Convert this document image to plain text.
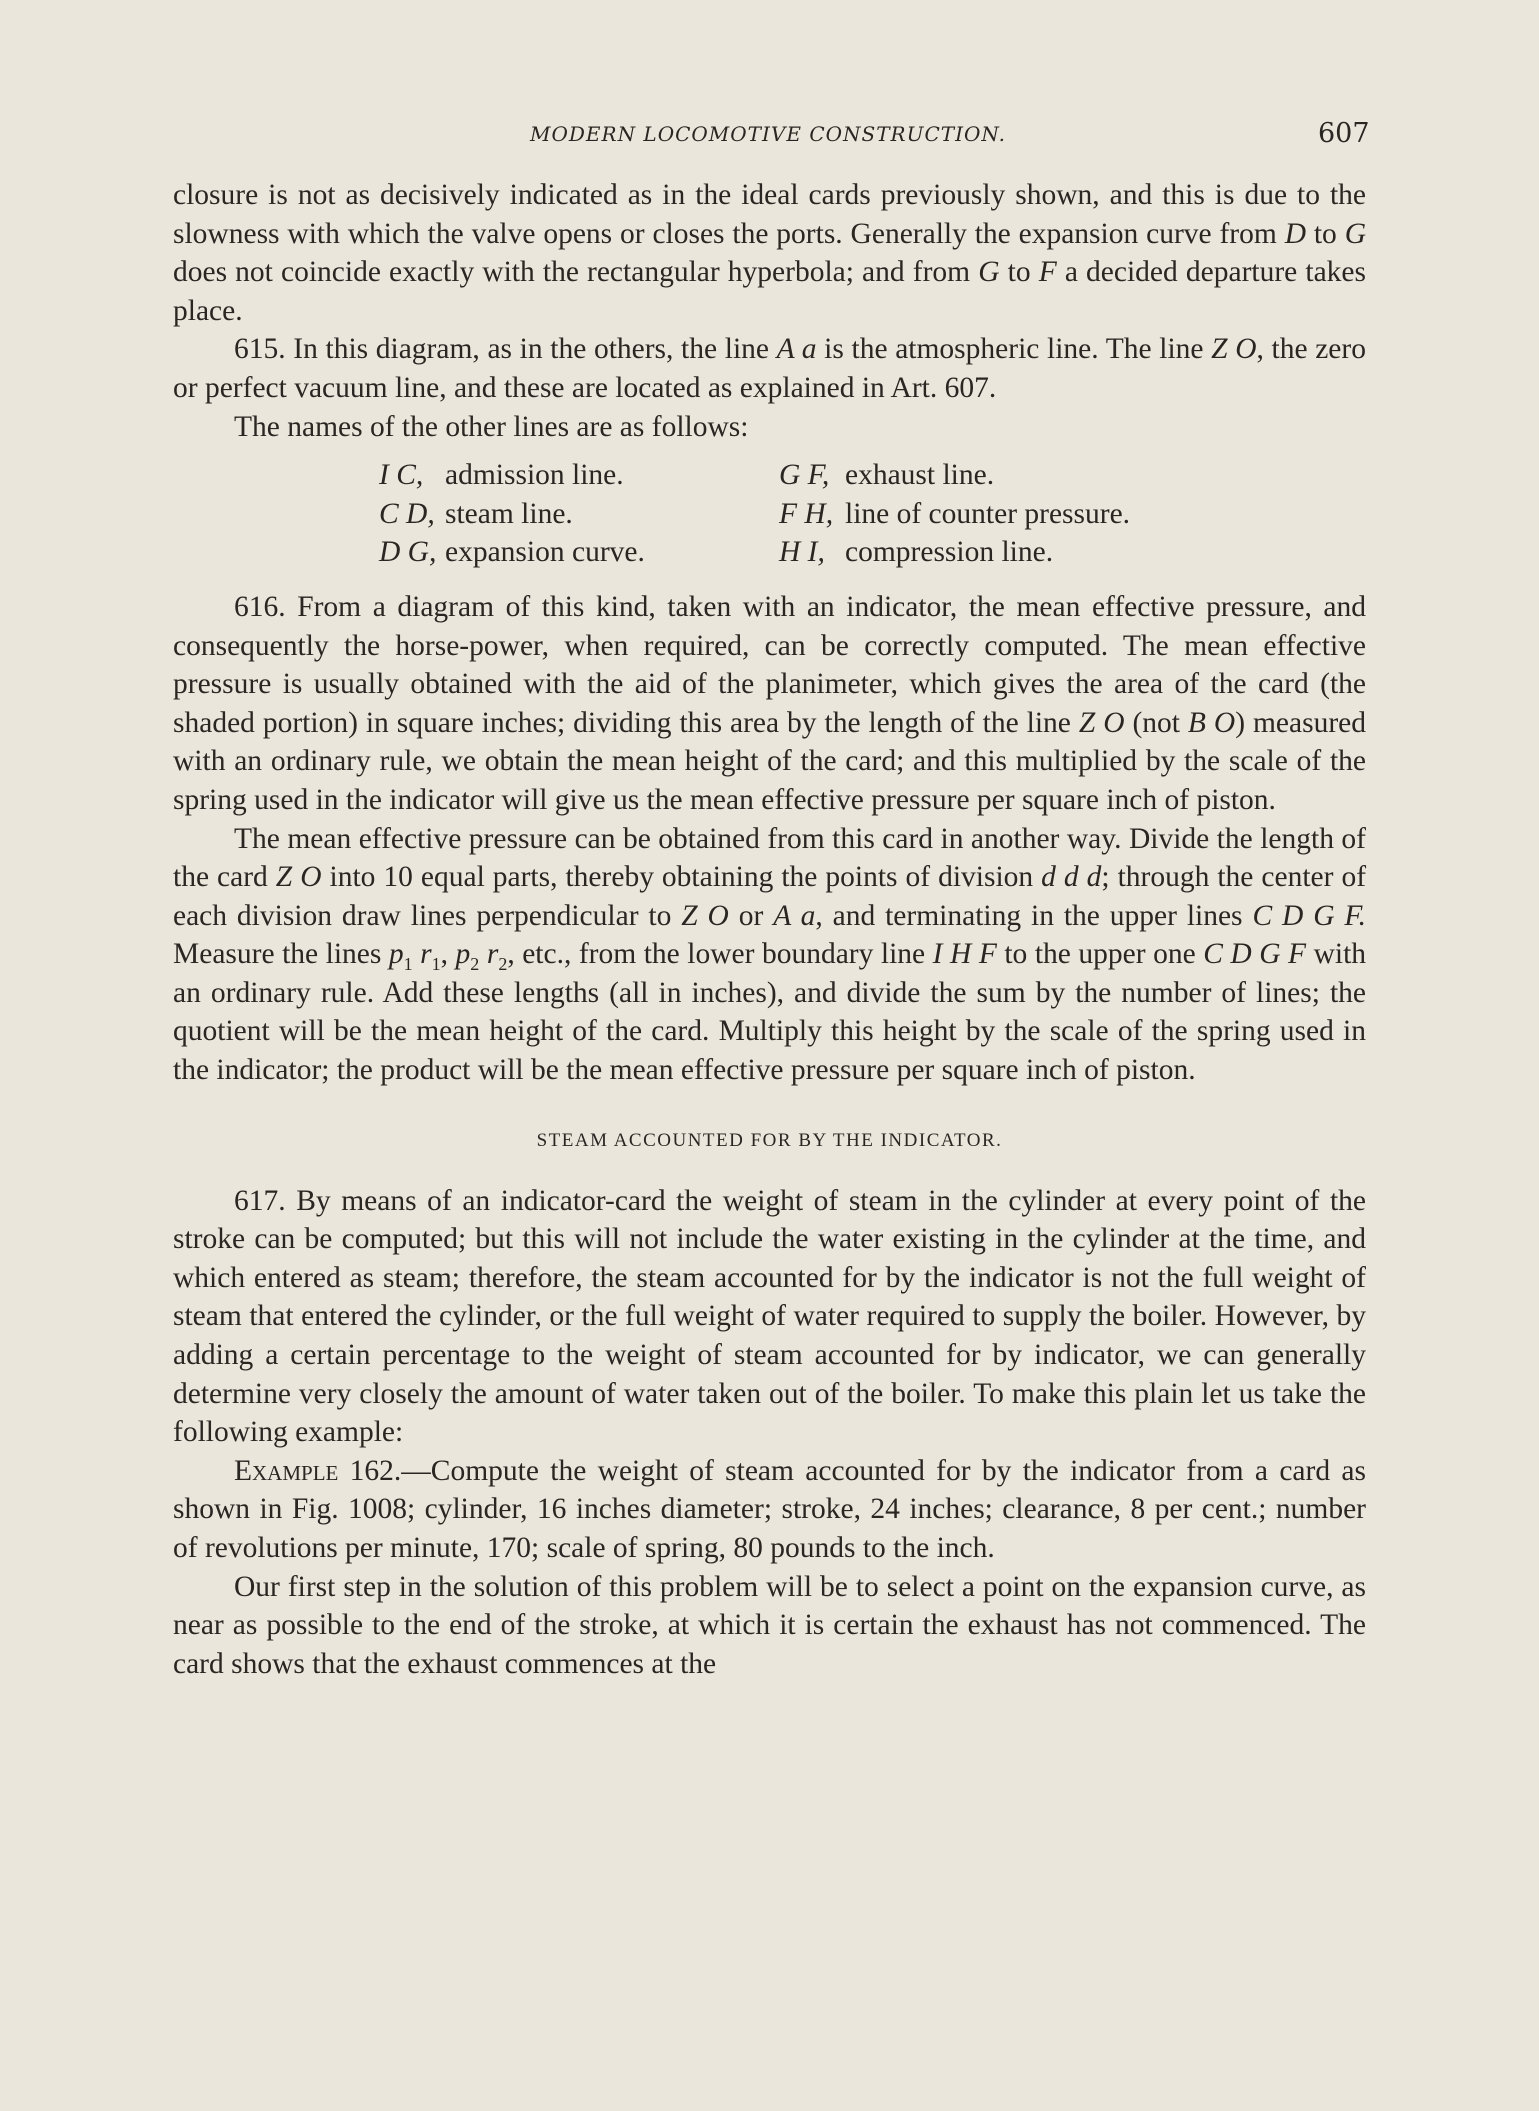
MODERN LOCOMOTIVE CONSTRUCTION.	607

closure is not as decisively indicated as in the ideal cards previously shown, and this is due to the slowness with which the valve opens or closes the ports. Generally the expansion curve from D to G does not coincide exactly with the rectangular hyperbola; and from G to F a decided departure takes place.

615. In this diagram, as in the others, the line A a is the atmospheric line. The line Z O, the zero or perfect vacuum line, and these are located as explained in Art. 607.

The names of the other lines are as follows:

I C, admission line.	G F, exhaust line.
C D, steam line.	F H, line of counter pressure.
D G, expansion curve.	H I, compression line.

616. From a diagram of this kind, taken with an indicator, the mean effective pressure, and consequently the horse-power, when required, can be correctly computed. The mean effective pressure is usually obtained with the aid of the planimeter, which gives the area of the card (the shaded portion) in square inches; dividing this area by the length of the line Z O (not B O) measured with an ordinary rule, we obtain the mean height of the card; and this multiplied by the scale of the spring used in the indicator will give us the mean effective pressure per square inch of piston.

The mean effective pressure can be obtained from this card in another way. Divide the length of the card Z O into 10 equal parts, thereby obtaining the points of division d d d; through the center of each division draw lines perpendicular to Z O or A a, and terminating in the upper lines C D G F. Measure the lines $p_1$ $r_1$, $p_2$ $r_2$, etc., from the lower boundary line I H F to the upper one C D G F with an ordinary rule. Add these lengths (all in inches), and divide the sum by the number of lines; the quotient will be the mean height of the card. Multiply this height by the scale of the spring used in the indicator; the product will be the mean effective pressure per square inch of piston.

STEAM ACCOUNTED FOR BY THE INDICATOR.

617. By means of an indicator-card the weight of steam in the cylinder at every point of the stroke can be computed; but this will not include the water existing in the cylinder at the time, and which entered as steam; therefore, the steam accounted for by the indicator is not the full weight of steam that entered the cylinder, or the full weight of water required to supply the boiler. However, by adding a certain percentage to the weight of steam accounted for by indicator, we can generally determine very closely the amount of water taken out of the boiler. To make this plain let us take the following example:

Example 162.—Compute the weight of steam accounted for by the indicator from a card as shown in Fig. 1008; cylinder, 16 inches diameter; stroke, 24 inches; clearance, 8 per cent.; number of revolutions per minute, 170; scale of spring, 80 pounds to the inch.

Our first step in the solution of this problem will be to select a point on the expansion curve, as near as possible to the end of the stroke, at which it is certain the exhaust has not commenced. The card shows that the exhaust commences at the
